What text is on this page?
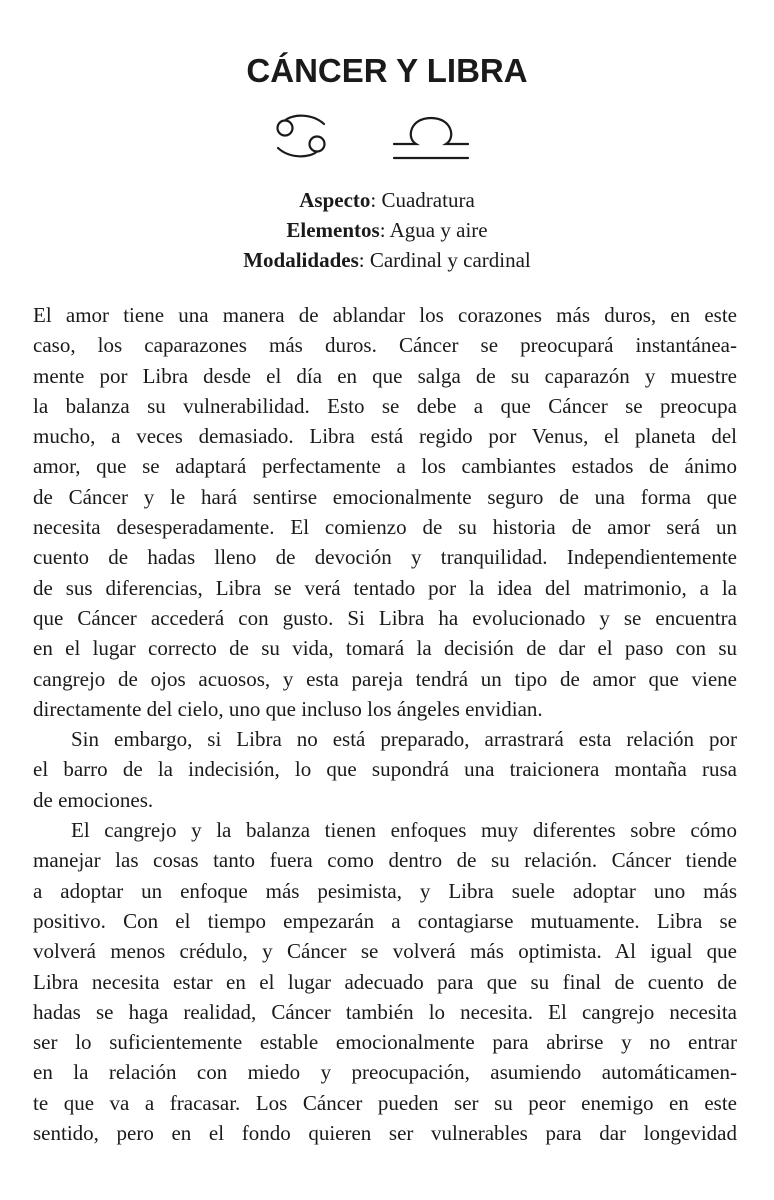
CÁNCER Y LIBRA
Aspecto: Cuadratura
Elementos: Agua y aire
Modalidades: Cardinal y cardinal
El amor tiene una manera de ablandar los corazones más duros, en este
caso, los caparazones más duros. Cáncer se preocupará instantánea-
mente por Libra desde el día en que salga de su caparazón y muestre
la balanza su vulnerabilidad. Esto se debe a que Cáncer se preocupa
mucho, a veces demasiado. Libra está regido por Venus, el planeta del
amor, que se adaptará perfectamente a los cambiantes estados de ánimo
de Cáncer y le hará sentirse emocionalmente seguro de una forma que
necesita desesperadamente. El comienzo de su historia de amor será un
cuento de hadas lleno de devoción y tranquilidad. Independientemente
de sus diferencias, Libra se verá tentado por la idea del matrimonio, a la
que Cáncer accederá con gusto. Si Libra ha evolucionado y se encuentra
en el lugar correcto de su vida, tomará la decisión de dar el paso con su
cangrejo de ojos acuosos, y esta pareja tendrá un tipo de amor que viene
directamente del cielo, uno que incluso los ángeles envidian.
Sin embargo, si Libra no está preparado, arrastrará esta relación por
el barro de la indecisión, lo que supondrá una traicionera montaña rusa
de emociones.
El cangrejo y la balanza tienen enfoques muy diferentes sobre cómo
manejar las cosas tanto fuera como dentro de su relación. Cáncer tiende
a adoptar un enfoque más pesimista, y Libra suele adoptar uno más
positivo. Con el tiempo empezarán a contagiarse mutuamente. Libra se
volverá menos crédulo, y Cáncer se volverá más optimista. Al igual que
Libra necesita estar en el lugar adecuado para que su final de cuento de
hadas se haga realidad, Cáncer también lo necesita. El cangrejo necesita
ser lo suficientemente estable emocionalmente para abrirse y no entrar
en la relación con miedo y preocupación, asumiendo automáticamen-
te que va a fracasar. Los Cáncer pueden ser su peor enemigo en este
sentido, pero en el fondo quieren ser vulnerables para dar longevidad
